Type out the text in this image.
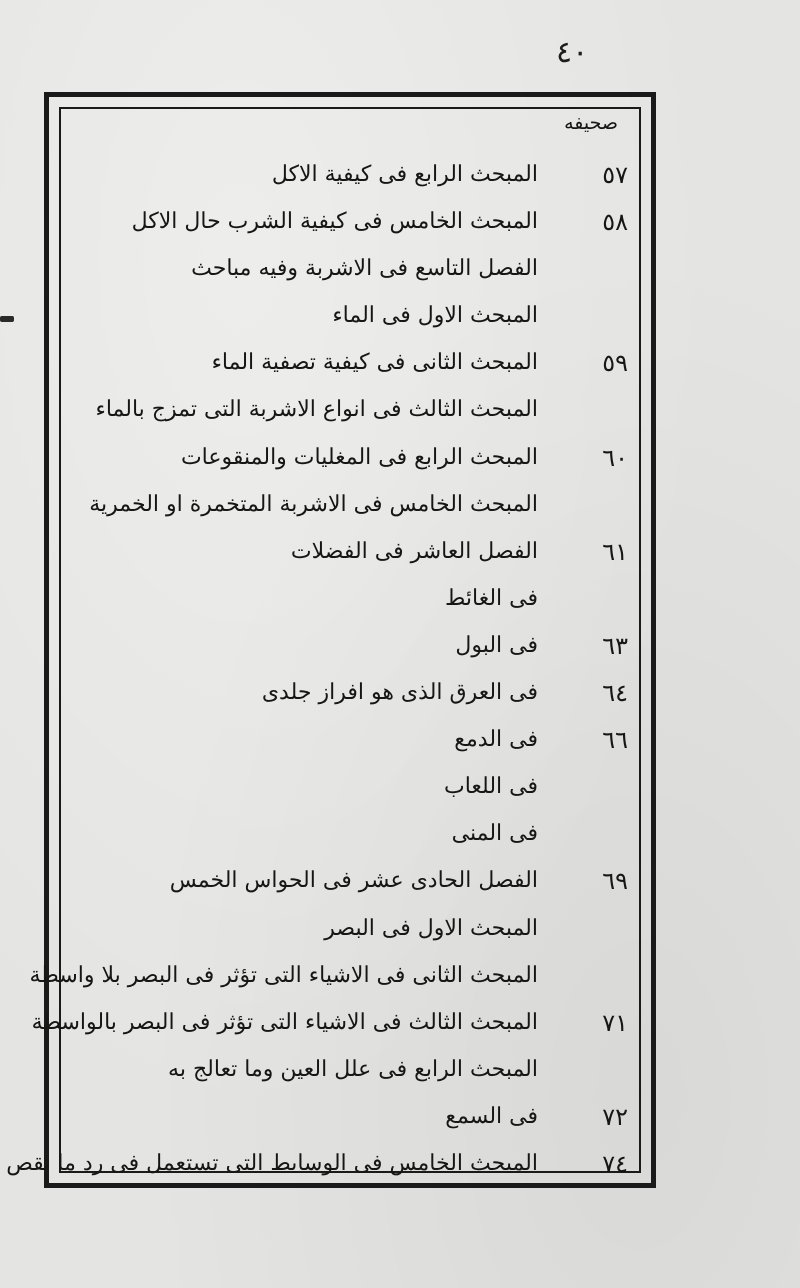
٤٠
صحيفه
المبحث الرابع فى كيفية الاكل	٥٧
المبحث الخامس فى كيفية الشرب حال الاكل	٥٨
الفصل التاسع فى الاشربة وفيه مباحث
المبحث الاول فى الماء
المبحث الثانى فى كيفية تصفية الماء	٥٩
المبحث الثالث فى انواع الاشربة التى تمزج بالماء
المبحث الرابع فى المغليات والمنقوعات	٦٠
المبحث الخامس فى الاشربة المتخمرة او الخمرية
الفصل العاشر فى الفضلات	٦١
فى الغائط
فى البول	٦٣
فى العرق الذى هو افراز جلدى	٦٤
فى الدمع	٦٦
فى اللعاب
فى المنى
الفصل الحادى عشر فى الحواس الخمس	٦٩
المبحث الاول فى البصر
المبحث الثانى فى الاشياء التى تؤثر فى البصر بلا واسطة
المبحث الثالث فى الاشياء التى تؤثر فى البصر بالواسطة	٧١
المبحث الرابع فى علل العين وما تعالج به
فى السمع	٧٢
المبحث الخامس فى الوسايط التى تستعمل فى رد ما نقص	٧٤
